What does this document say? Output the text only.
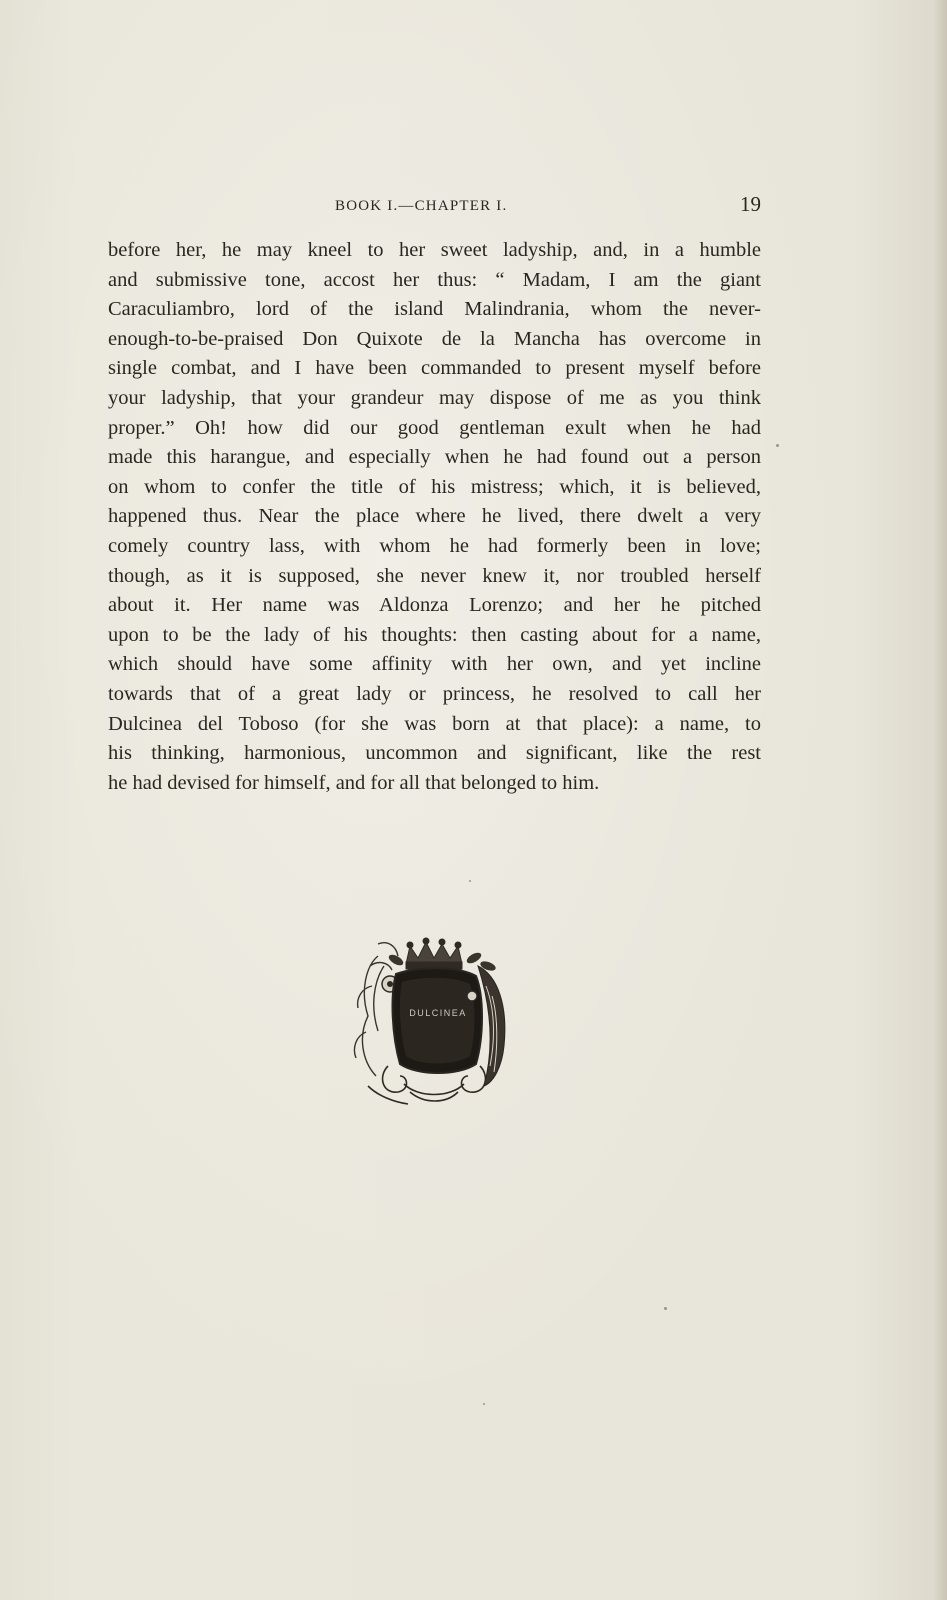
BOOK I.—CHAPTER I.	19
before her, he may kneel to her sweet ladyship, and, in a humble
and submissive tone, accost her thus: “ Madam, I am the giant
Caraculiambro, lord of the island Malindrania, whom the never-
enough-to-be-praised Don Quixote de la Mancha has overcome in
single combat, and I have been commanded to present myself before
your ladyship, that your grandeur may dispose of me as you think
proper.” Oh! how did our good gentleman exult when he had
made this harangue, and especially when he had found out a person
on whom to confer the title of his mistress; which, it is believed,
happened thus. Near the place where he lived, there dwelt a very
comely country lass, with whom he had formerly been in love;
though, as it is supposed, she never knew it, nor troubled herself
about it. Her name was Aldonza Lorenzo; and her he pitched
upon to be the lady of his thoughts: then casting about for a name,
which should have some affinity with her own, and yet incline
towards that of a great lady or princess, he resolved to call her
Dulcinea del Toboso (for she was born at that place): a name, to
his thinking, harmonious, uncommon and significant, like the rest
he had devised for himself, and for all that belonged to him.
DULCINEA
